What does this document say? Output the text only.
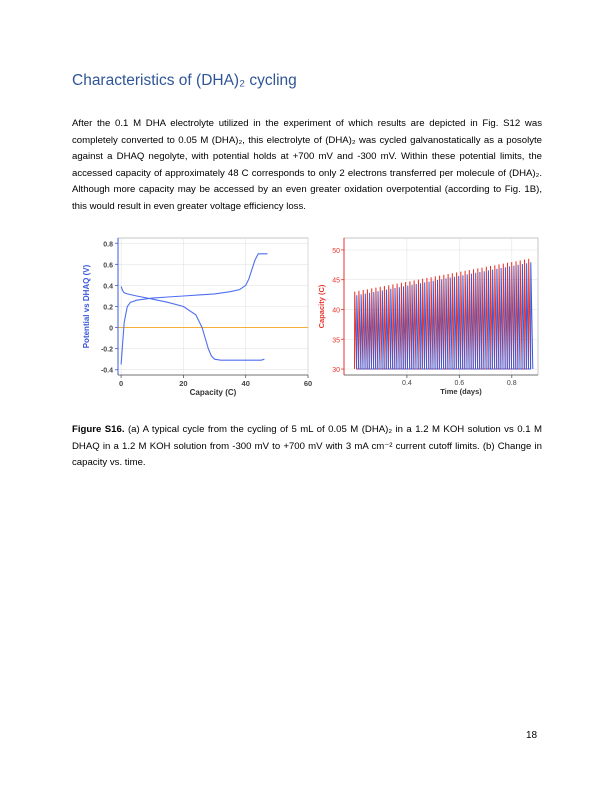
Characteristics of (DHA)₂ cycling
After the 0.1 M DHA electrolyte utilized in the experiment of which results are depicted in Fig. S12 was completely converted to 0.05 M (DHA)₂, this electrolyte of (DHA)₂ was cycled galvanostatically as a posolyte against a DHAQ negolyte, with potential holds at +700 mV and -300 mV. Within these potential limits, the accessed capacity of approximately 48 C corresponds to only 2 electrons transferred per molecule of (DHA)₂. Although more capacity may be accessed by an even greater oxidation overpotential (according to Fig. 1B), this would result in even greater voltage efficiency loss.
-0.4
-0.2
0
0.2
0.4
0.6
0.8
0	20	40	60
Capacity (C)
Potential vs DHAQ (V)
30
35
40
45
50
0.4	0.6	0.8
Time (days)
Capacity (C)
Figure S16. (a) A typical cycle from the cycling of 5 mL of 0.05 M (DHA)₂ in a 1.2 M KOH solution vs 0.1 M DHAQ in a 1.2 M KOH solution from -300 mV to +700 mV with 3 mA cm⁻² current cutoff limits. (b) Change in capacity vs. time.
18
